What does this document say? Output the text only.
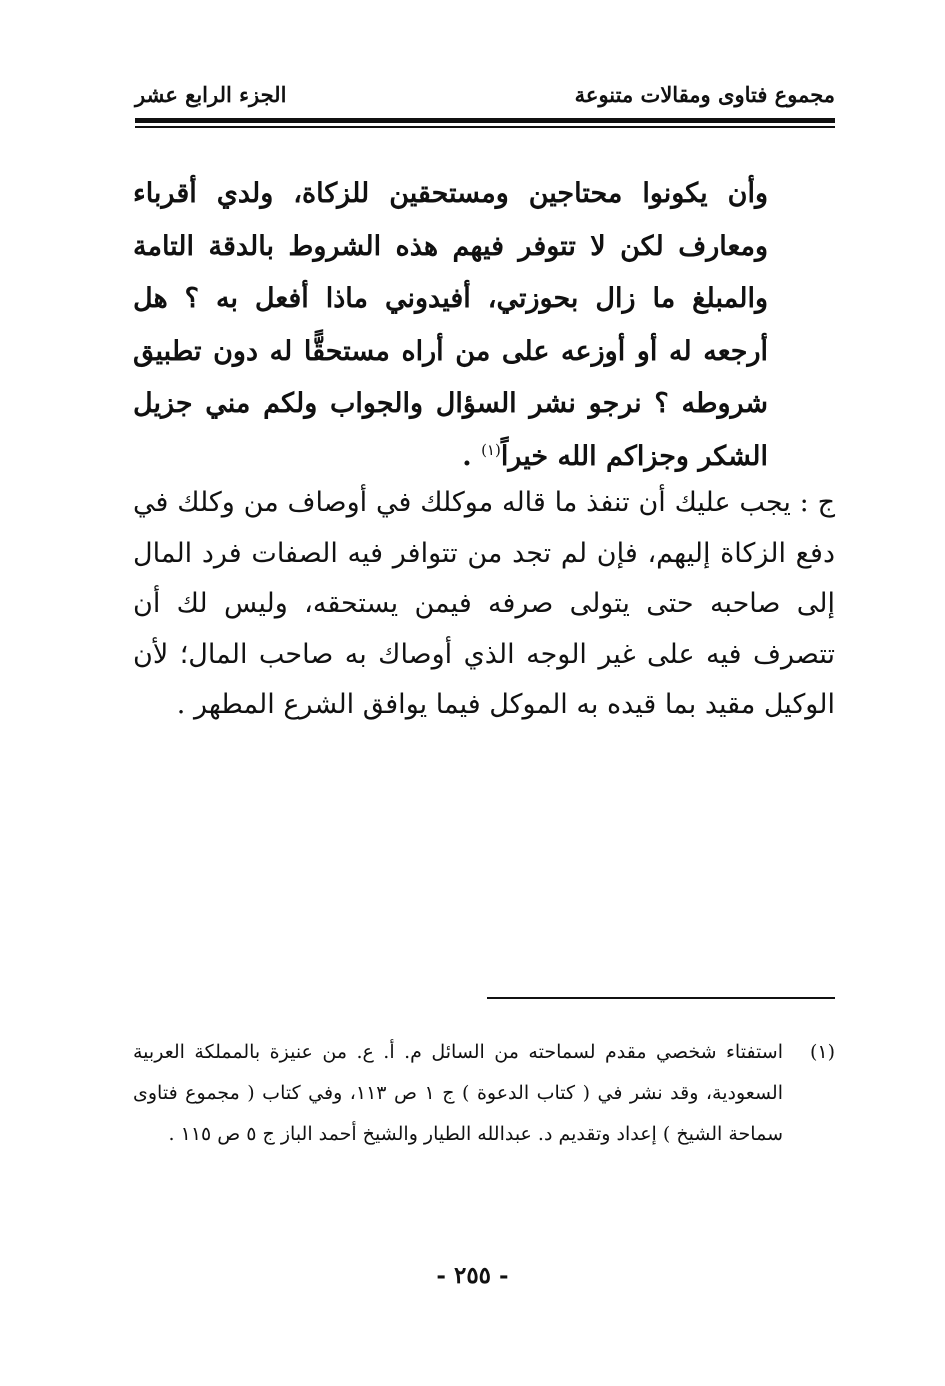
مجموع فتاوى ومقالات متنوعة
الجزء الرابع عشر
وأن يكونوا محتاجين ومستحقين للزكاة، ولدي أقرباء ومعارف لكن لا تتوفر فيهم هذه الشروط بالدقة التامة والمبلغ ما زال بحوزتي، أفيدوني ماذا أفعل به ؟ هل أرجعه له أو أوزعه على من أراه مستحقًّا له دون تطبيق شروطه ؟ نرجو نشر السؤال والجواب ولكم مني جزيل الشكر وجزاكم الله خيراً$^{(١)}$ .
ج : يجب عليك أن تنفذ ما قاله موكلك في أوصاف من وكلك في دفع الزكاة إليهم، فإن لم تجد من تتوافر فيه الصفات فرد المال إلى صاحبه حتى يتولى صرفه فيمن يستحقه، وليس لك أن تتصرف فيه على غير الوجه الذي أوصاك به صاحب المال؛ لأن الوكيل مقيد بما قيده به الموكل فيما يوافق الشرع المطهر .
(١)
استفتاء شخصي مقدم لسماحته من السائل م. أ. ع. من عنيزة بالمملكة العربية السعودية، وقد نشر في ( كتاب الدعوة ) ج ١ ص ١١٣، وفي كتاب ( مجموع فتاوى سماحة الشيخ ) إعداد وتقديم د. عبدالله الطيار والشيخ أحمد الباز ج ٥ ص ١١٥ .
- ٢٥٥ -
